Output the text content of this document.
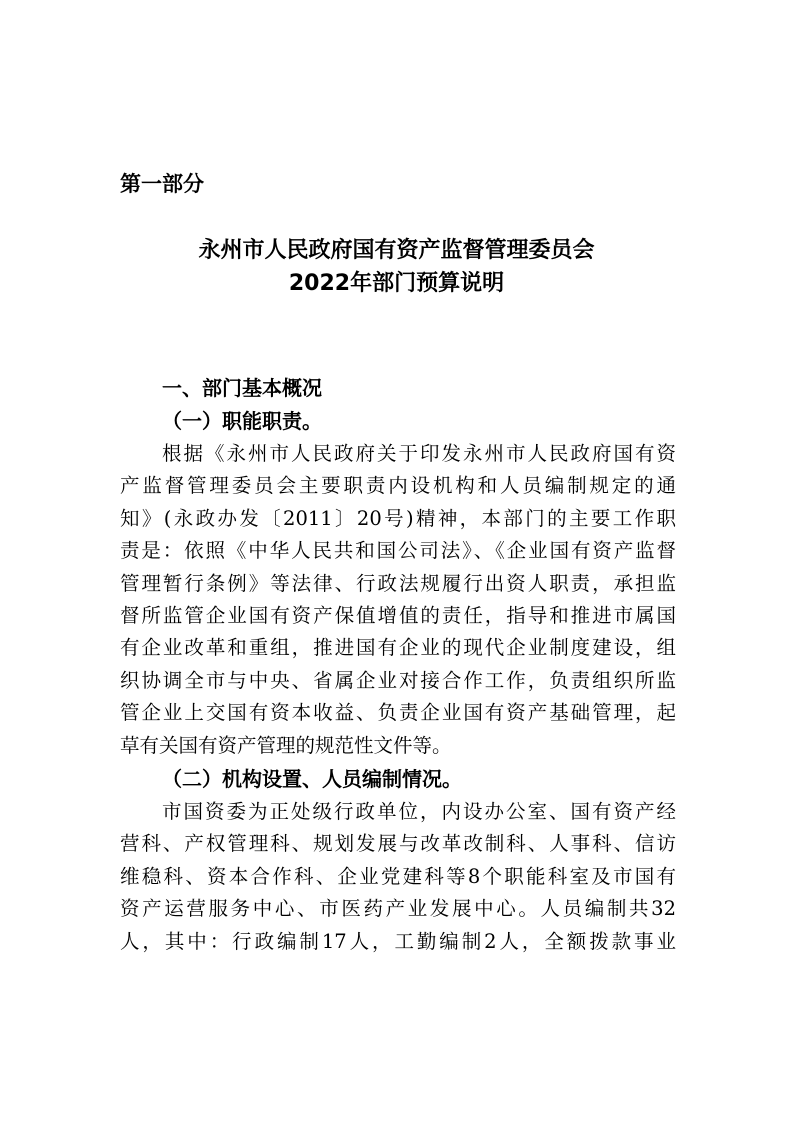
第一部分
永州市人民政府国有资产监督管理委员会
2022年部门预算说明
一、部门基本概况
（一）职能职责。
根据《永州市人民政府关于印发永州市人民政府国有资
产监督管理委员会主要职责内设机构和人员编制规定的通
知》(永政办发〔2011〕20号)精神，本部门的主要工作职
责是：依照《中华人民共和国公司法》、《企业国有资产监督
管理暂行条例》等法律、行政法规履行出资人职责，承担监
督所监管企业国有资产保值增值的责任，指导和推进市属国
有企业改革和重组，推进国有企业的现代企业制度建设，组
织协调全市与中央、省属企业对接合作工作，负责组织所监
管企业上交国有资本收益、负责企业国有资产基础管理，起
草有关国有资产管理的规范性文件等。
（二）机构设置、人员编制情况。
市国资委为正处级行政单位，内设办公室、国有资产经
营科、产权管理科、规划发展与改革改制科、人事科、信访
维稳科、资本合作科、企业党建科等8个职能科室及市国有
资产运营服务中心、市医药产业发展中心。人员编制共32
人，其中：行政编制17人，工勤编制2人，全额拨款事业
